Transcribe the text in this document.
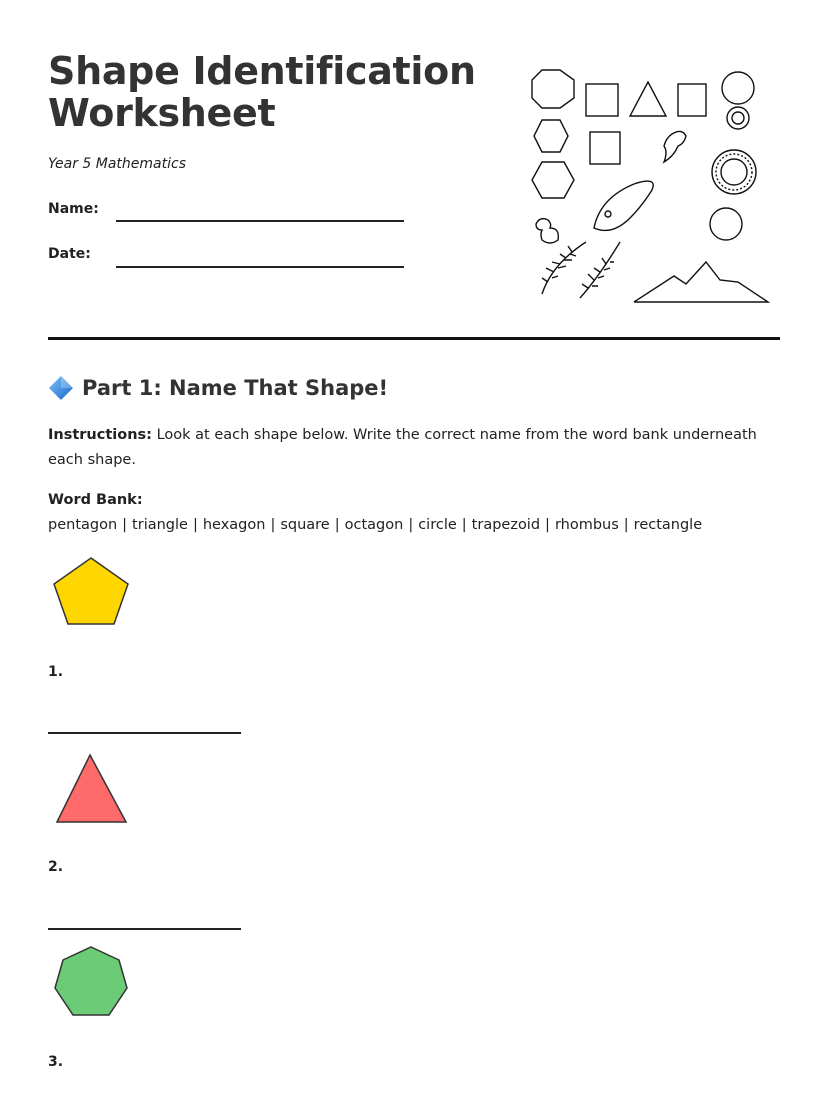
Shape Identification
Worksheet
Year 5 Mathematics
Name:
Date:
Part 1: Name That Shape!
Instructions: Look at each shape below. Write the correct name from the word bank underneath each shape.
Word Bank: pentagon | triangle | hexagon | square | octagon | circle | trapezoid | rhombus | rectangle
1.
2.
3.
